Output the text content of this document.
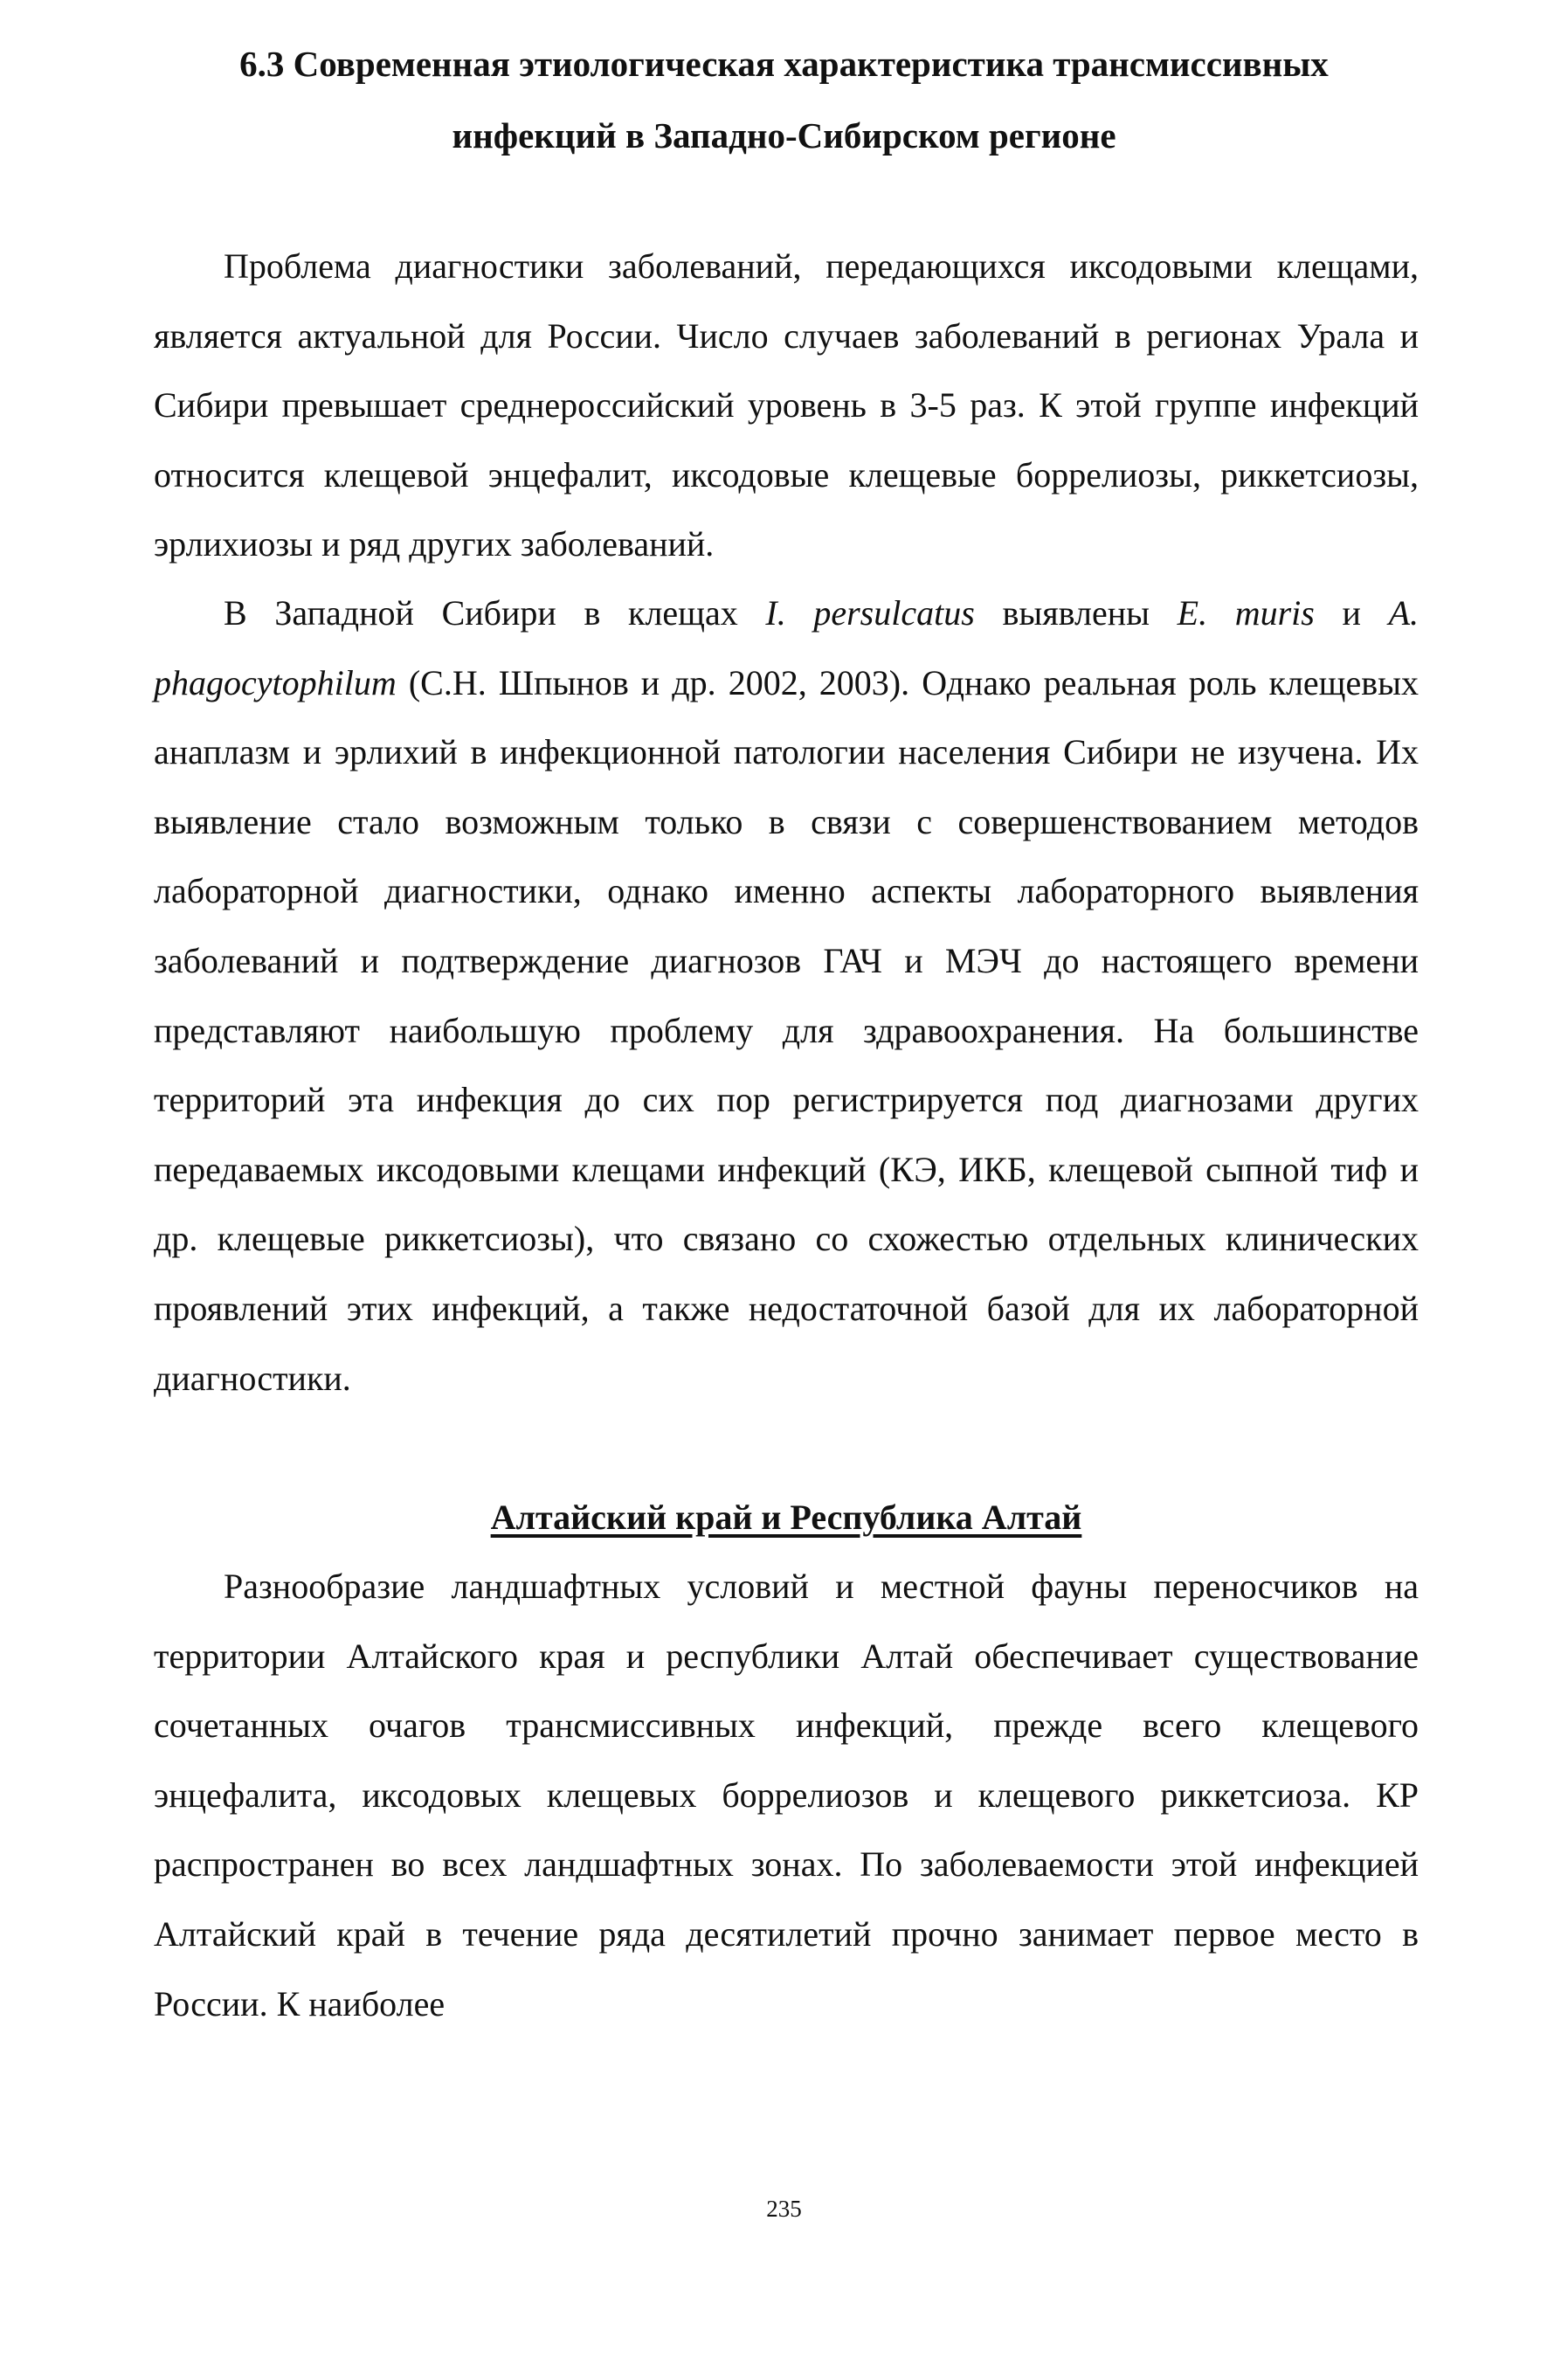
6.3 Современная этиологическая характеристика трансмиссивных
инфекций в Западно-Сибирском регионе

Проблема диагностики заболеваний, передающихся иксодовыми клещами, является актуальной для России. Число случаев заболеваний в регионах Урала и Сибири превышает среднероссийский уровень в 3-5 раз. К этой группе инфекций относится клещевой энцефалит, иксодовые клещевые боррелиозы, риккетсиозы, эрлихиозы и ряд других заболеваний.

В Западной Сибири в клещах I. persulcatus выявлены E. muris и A. phagocytophilum (С.Н. Шпынов и др. 2002, 2003). Однако реальная роль клещевых анаплазм и эрлихий в инфекционной патологии населения Сибири не изучена. Их выявление стало возможным только в связи с совершенствованием методов лабораторной диагностики, однако именно аспекты лабораторного выявления заболеваний и подтверждение диагнозов ГАЧ и МЭЧ до настоящего времени представляют наибольшую проблему для здравоохранения. На большинстве территорий эта инфекция до сих пор регистрируется под диагнозами других передаваемых иксодовыми клещами инфекций (КЭ, ИКБ, клещевой сыпной тиф и др. клещевые риккетсиозы), что связано со схожестью отдельных клинических проявлений этих инфекций, а также недостаточной базой для их лабораторной диагностики.

Алтайский край и Республика Алтай

Разнообразие ландшафтных условий и местной фауны переносчиков на территории Алтайского края и республики Алтай обеспечивает существование сочетанных очагов трансмиссивных инфекций, прежде всего клещевого энцефалита, иксодовых клещевых боррелиозов и клещевого риккетсиоза. КР распространен во всех ландшафтных зонах. По заболеваемости этой инфекцией Алтайский край в течение ряда десятилетий прочно занимает первое место в России. К наиболее

235
